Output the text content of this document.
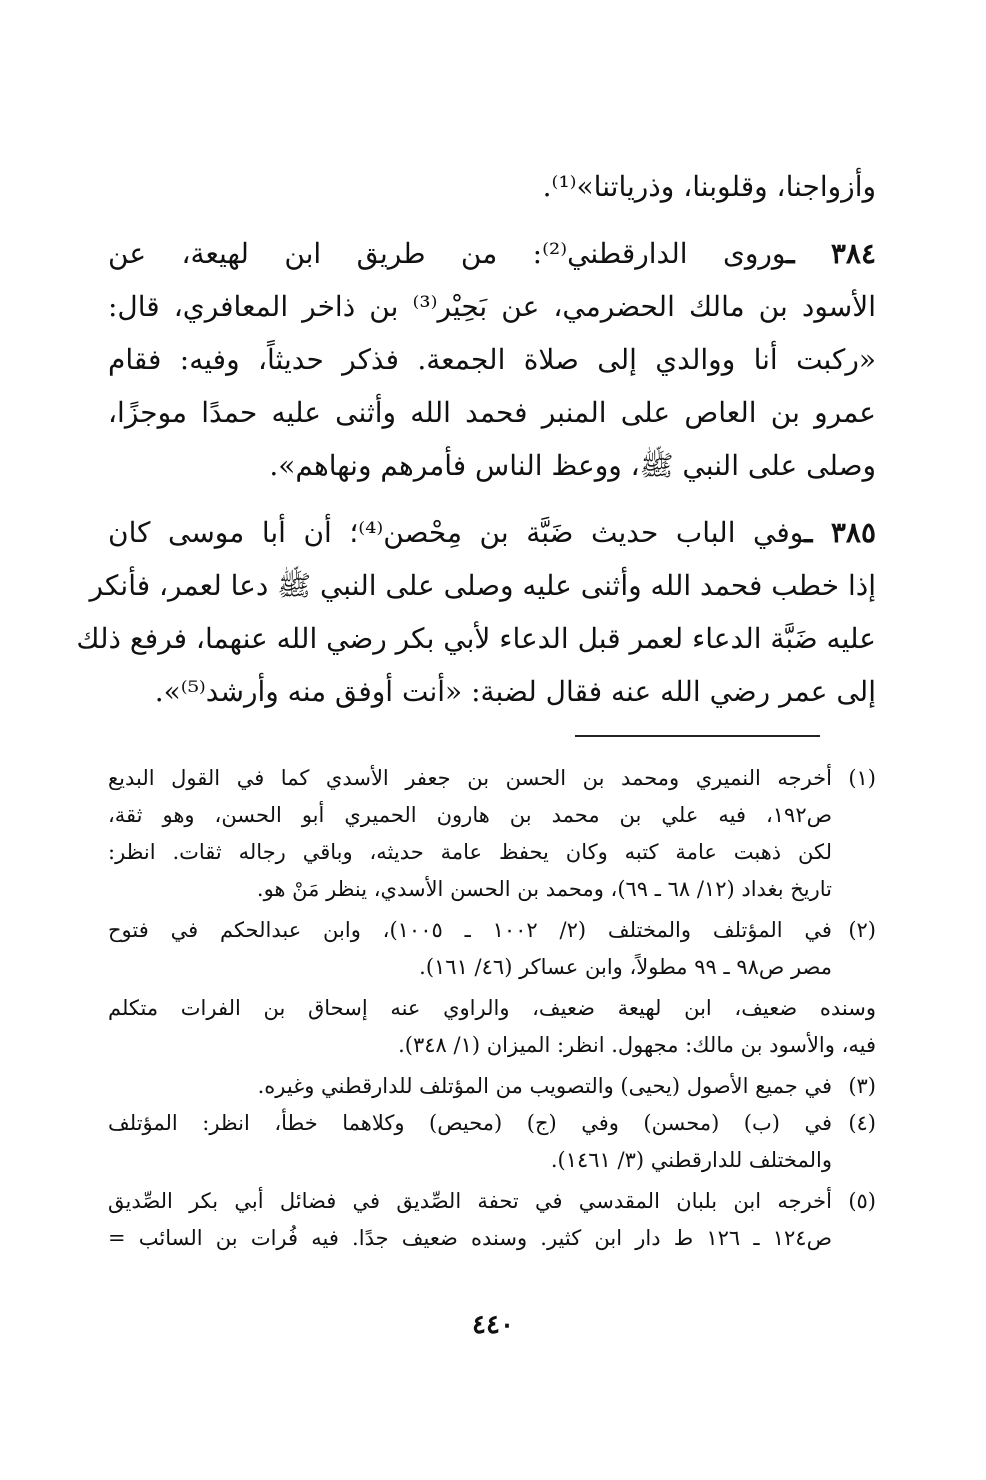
وأزواجنا، وقلوبنا، وذرياتنا»⁽¹⁾.
٣٨٤ ـوروى الدارقطني⁽²⁾: من طريق ابن لهيعة، عن
الأسود بن مالك الحضرمي، عن بَحِيْر⁽³⁾ بن ذاخر المعافري، قال:
«ركبت أنا ووالدي إلى صلاة الجمعة. فذكر حديثاً، وفيه: فقام
عمرو بن العاص على المنبر فحمد الله وأثنى عليه حمدًا موجزًا،
وصلى على النبي ﷺ، ووعظ الناس فأمرهم ونهاهم».
٣٨٥ ـوفي الباب حديث ضَبَّة بن مِحْصن⁽⁴⁾؛ أن أبا موسى كان
إذا خطب فحمد الله وأثنى عليه وصلى على النبي ﷺ دعا لعمر، فأنكر
عليه ضَبَّة الدعاء لعمر قبل الدعاء لأبي بكر رضي الله عنهما، فرفع ذلك
إلى عمر رضي الله عنه فقال لضبة: «أنت أوفق منه وأرشد⁽⁵⁾».
(١)
أخرجه النميري ومحمد بن الحسن بن جعفر الأسدي كما في القول البديع
ص١٩٢، فيه علي بن محمد بن هارون الحميري أبو الحسن، وهو ثقة،
لكن ذهبت عامة كتبه وكان يحفظ عامة حديثه، وباقي رجاله ثقات. انظر:
تاريخ بغداد (١٢/ ٦٨ ـ ٦٩)، ومحمد بن الحسن الأسدي، ينظر مَنْ هو.
(٢)
في المؤتلف والمختلف (٢/ ١٠٠٢ ـ ١٠٠٥)، وابن عبدالحكم في فتوح
مصر ص٩٨ ـ ٩٩ مطولاً، وابن عساكر (٤٦/ ١٦١).
وسنده ضعيف، ابن لهيعة ضعيف، والراوي عنه إسحاق بن الفرات متكلم
فيه، والأسود بن مالك: مجهول. انظر: الميزان (١/ ٣٤٨).
(٣)
في جميع الأصول (يحيى) والتصويب من المؤتلف للدارقطني وغيره.
(٤)
في (ب) (محسن) وفي (ج) (محيص) وكلاهما خطأ، انظر: المؤتلف
والمختلف للدارقطني (٣/ ١٤٦١).
(٥)
أخرجه ابن بلبان المقدسي في تحفة الصِّديق في فضائل أبي بكر الصِّديق
ص١٢٤ ـ ١٢٦ ط دار ابن كثير. وسنده ضعيف جدًا. فيه فُرات بن السائب =
٤٤٠
